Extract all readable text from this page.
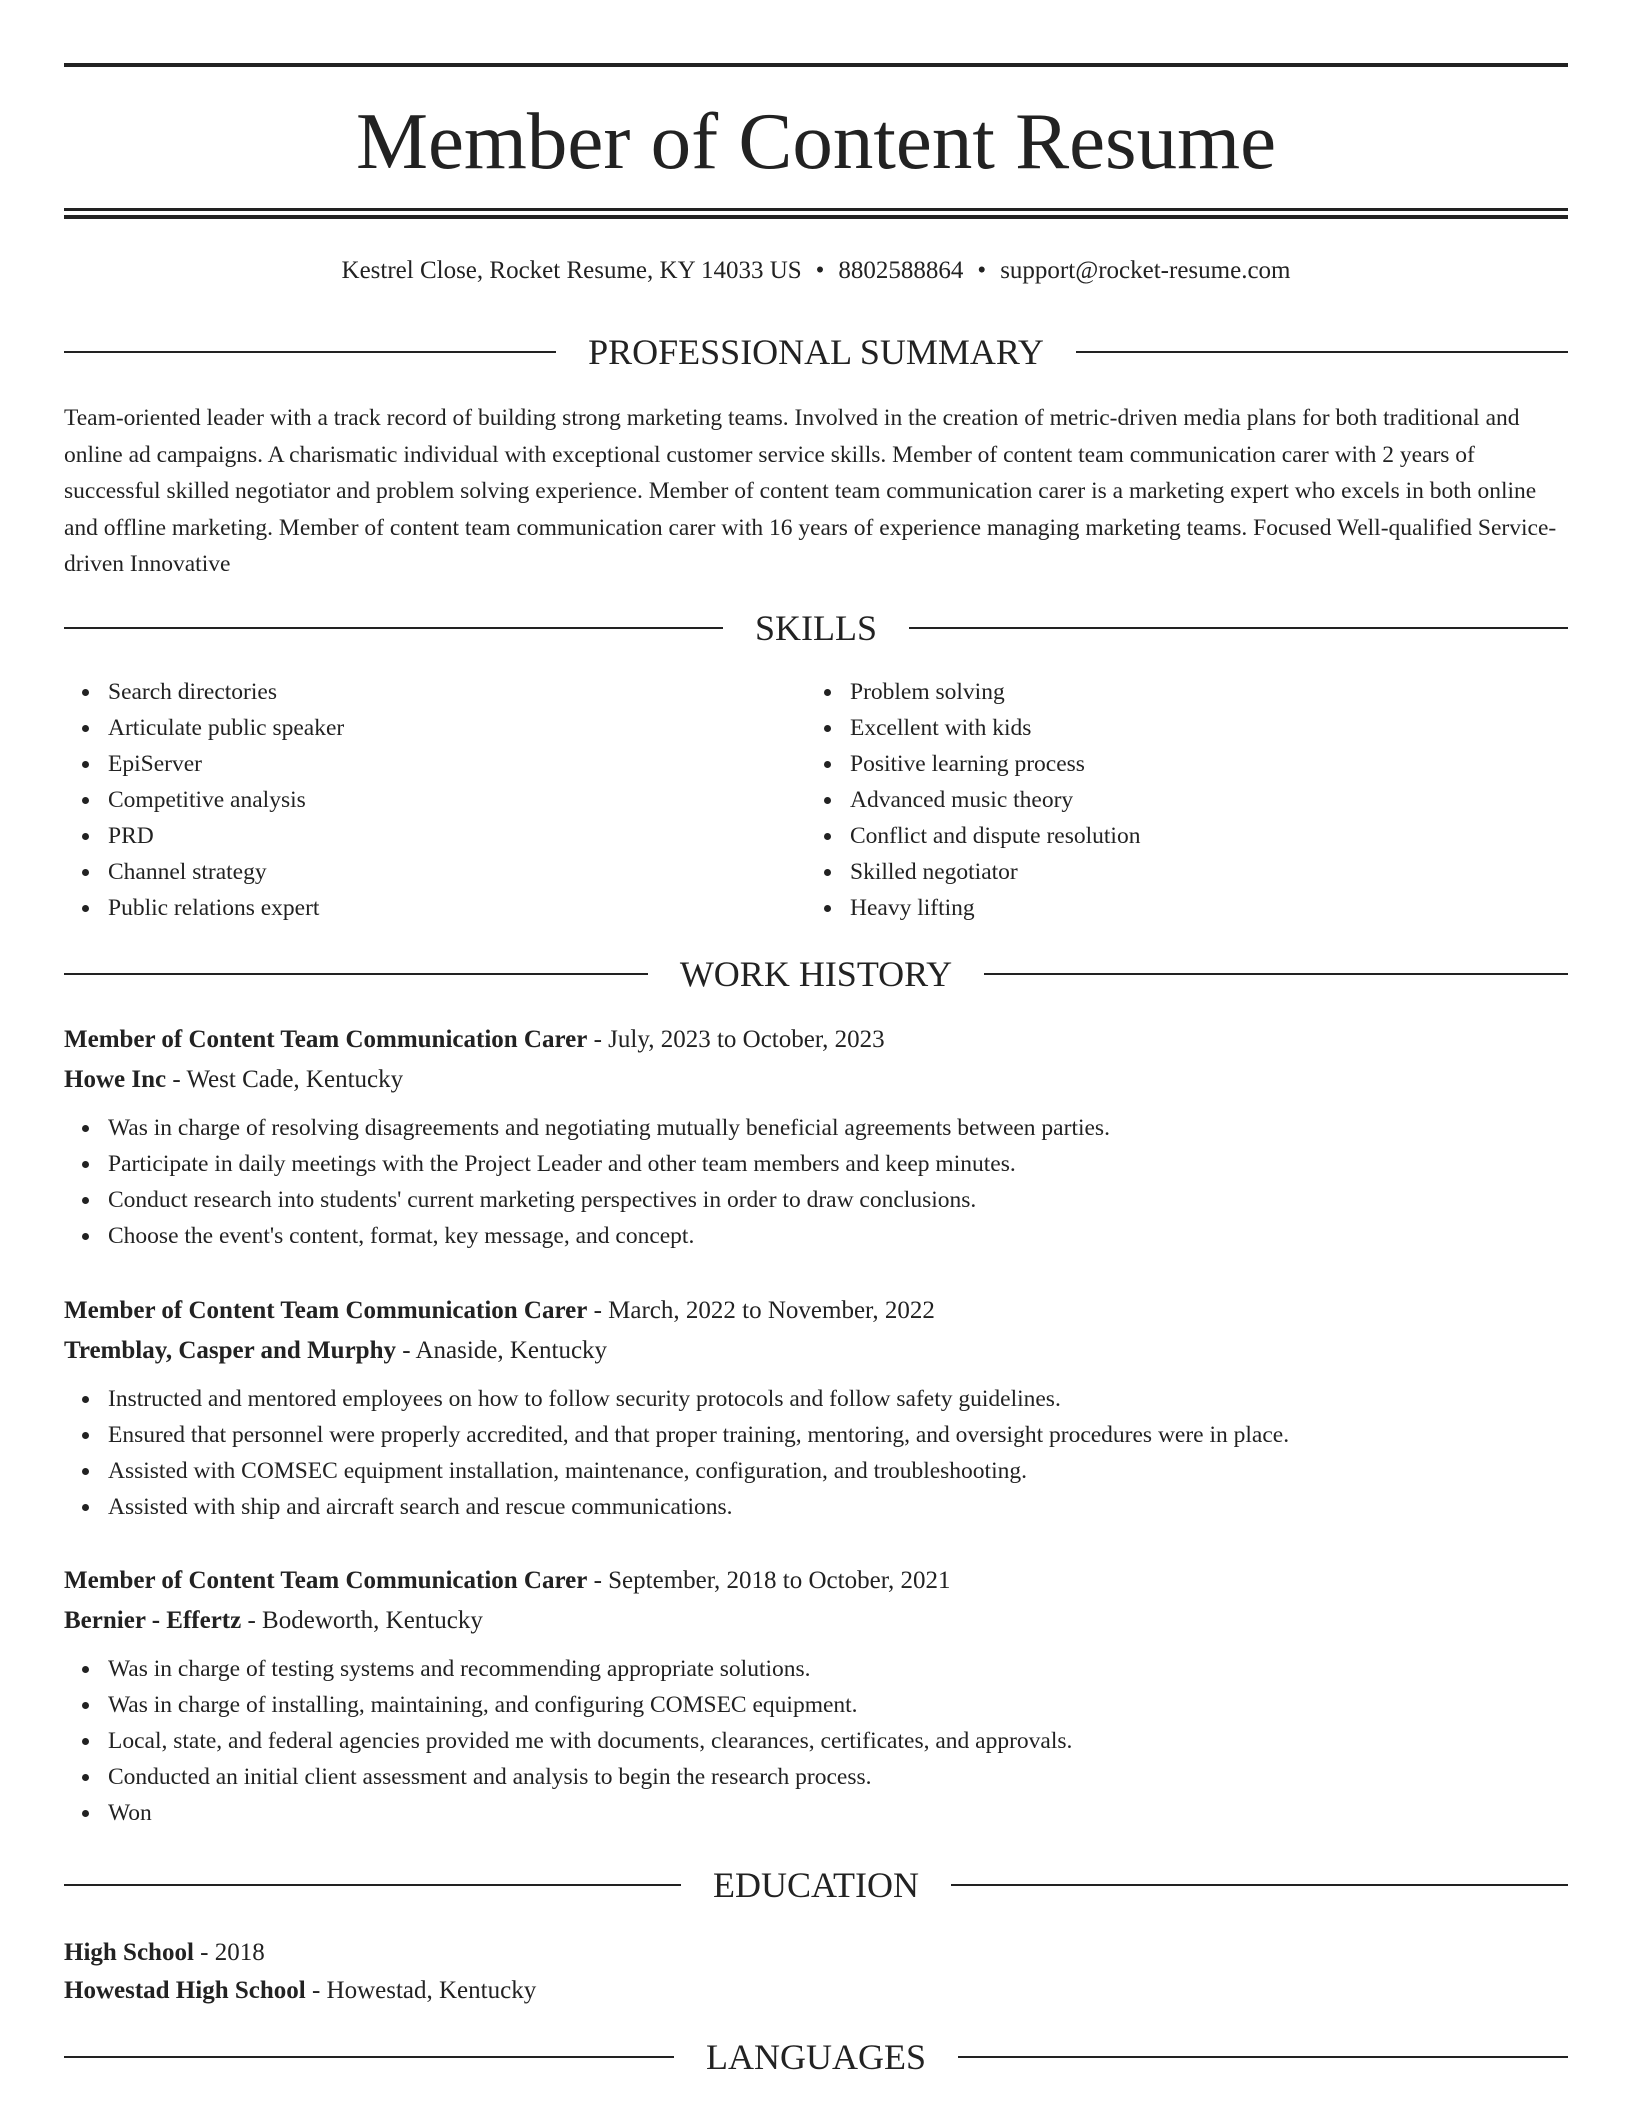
Member of Content Resume
Kestrel Close, Rocket Resume, KY 14033 US • 8802588864 • support@rocket-resume.com
PROFESSIONAL SUMMARY
Team-oriented leader with a track record of building strong marketing teams. Involved in the creation of metric-driven media plans for both traditional and online ad campaigns. A charismatic individual with exceptional customer service skills. Member of content team communication carer with 2 years of successful skilled negotiator and problem solving experience. Member of content team communication carer is a marketing expert who excels in both online and offline marketing. Member of content team communication carer with 16 years of experience managing marketing teams. Focused Well-qualified Service-driven Innovative
SKILLS
Search directories
Articulate public speaker
EpiServer
Competitive analysis
PRD
Channel strategy
Public relations expert
Problem solving
Excellent with kids
Positive learning process
Advanced music theory
Conflict and dispute resolution
Skilled negotiator
Heavy lifting
WORK HISTORY
Member of Content Team Communication Carer - July, 2023 to October, 2023
Howe Inc - West Cade, Kentucky
Was in charge of resolving disagreements and negotiating mutually beneficial agreements between parties.
Participate in daily meetings with the Project Leader and other team members and keep minutes.
Conduct research into students' current marketing perspectives in order to draw conclusions.
Choose the event's content, format, key message, and concept.
Member of Content Team Communication Carer - March, 2022 to November, 2022
Tremblay, Casper and Murphy - Anaside, Kentucky
Instructed and mentored employees on how to follow security protocols and follow safety guidelines.
Ensured that personnel were properly accredited, and that proper training, mentoring, and oversight procedures were in place.
Assisted with COMSEC equipment installation, maintenance, configuration, and troubleshooting.
Assisted with ship and aircraft search and rescue communications.
Member of Content Team Communication Carer - September, 2018 to October, 2021
Bernier - Effertz - Bodeworth, Kentucky
Was in charge of testing systems and recommending appropriate solutions.
Was in charge of installing, maintaining, and configuring COMSEC equipment.
Local, state, and federal agencies provided me with documents, clearances, certificates, and approvals.
Conducted an initial client assessment and analysis to begin the research process.
Won
EDUCATION
High School - 2018
Howestad High School - Howestad, Kentucky
LANGUAGES
